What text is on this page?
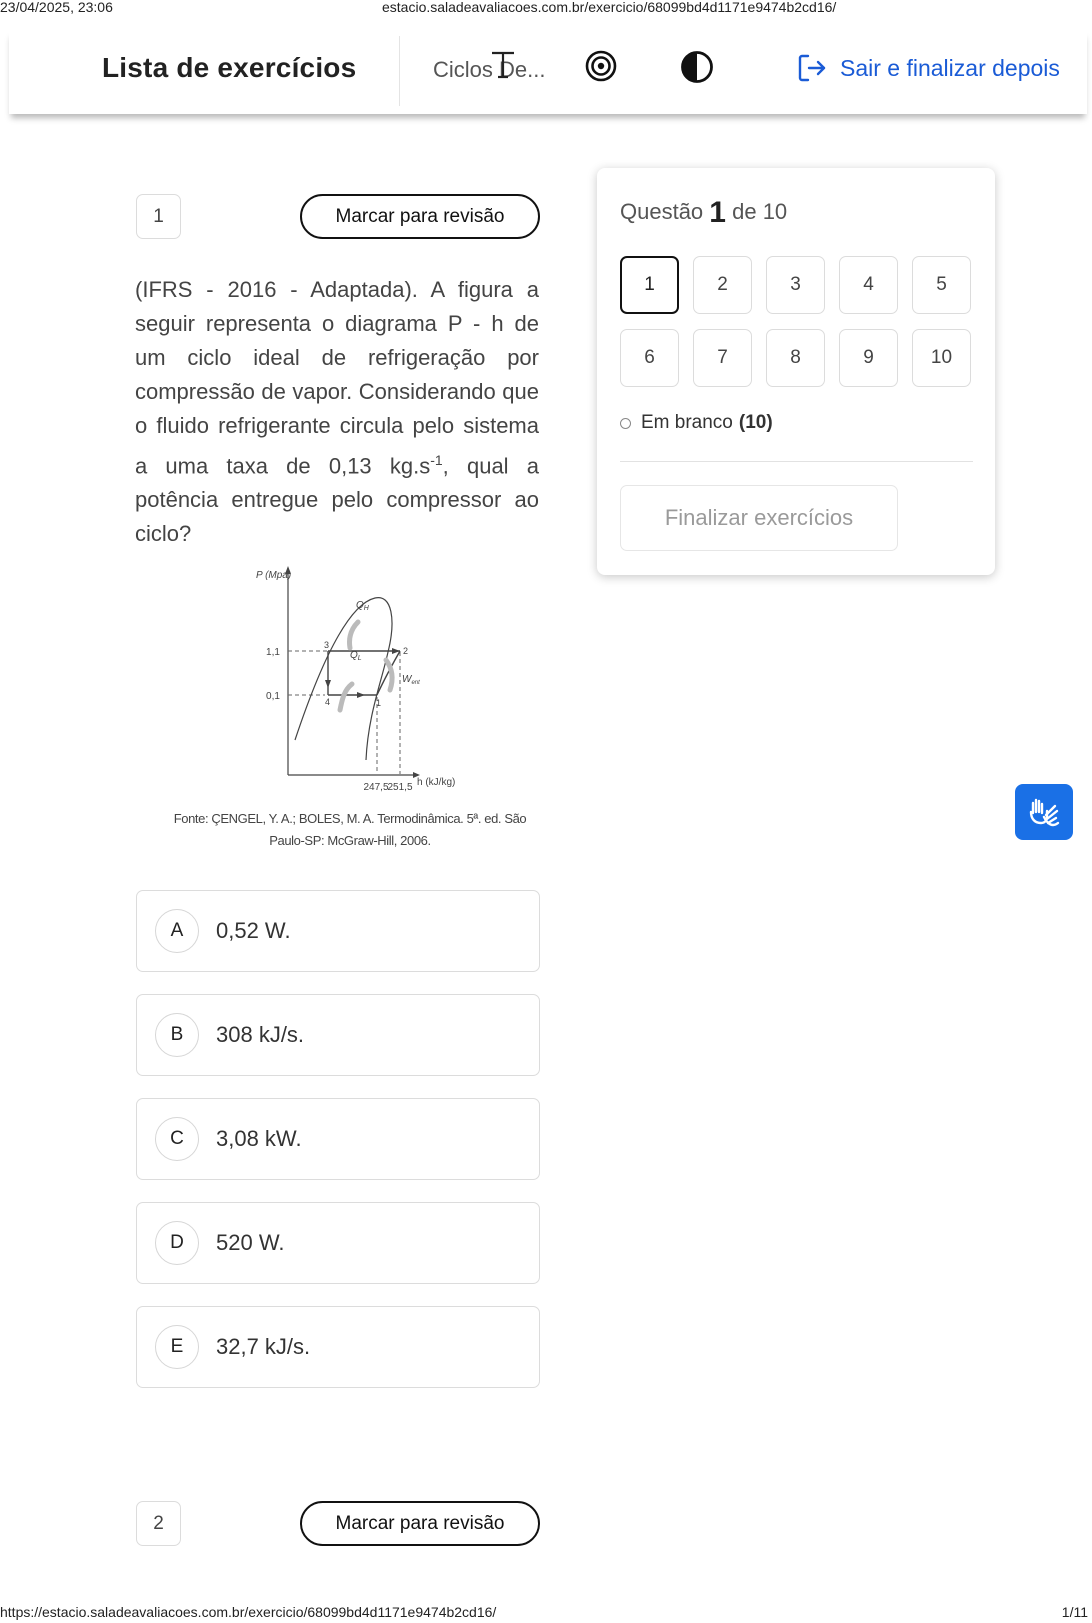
23/04/2025, 23:06	estacio.saladeavaliacoes.com.br/exercicio/68099bd4d1171e9474b2cd16/
Lista de exercícios	Ciclos De...	Sair e finalizar depois
1	Marcar para revisão
(IFRS - 2016 - Adaptada). A figura a seguir representa o diagrama P - h de um ciclo ideal de refrigeração por compressão de vapor. Considerando que o fluido refrigerante circula pelo sistema a uma taxa de 0,13 $kg.s^{-1}$, qual a potência entregue pelo compressor ao ciclo?
P (Mpa)
h (kJ/kg)
1,1
0,1
247,5
251,5
3
2
4	1
$Q_H$
$Q_L$
$W_{ent}$
Fonte: ÇENGEL, Y. A.; BOLES, M. A. Termodinâmica. 5ª. ed. São Paulo-SP: McGraw-Hill, 2006.
A	0,52 W.
B	308 kJ/s.
C	3,08 kW.
D	520 W.
E	32,7 kJ/s.
2	Marcar para revisão
Questão 1 de 10
1	2	3	4	5
6	7	8	9	10
Em branco (10)
Finalizar exercícios
https://estacio.saladeavaliacoes.com.br/exercicio/68099bd4d1171e9474b2cd16/	1/11
